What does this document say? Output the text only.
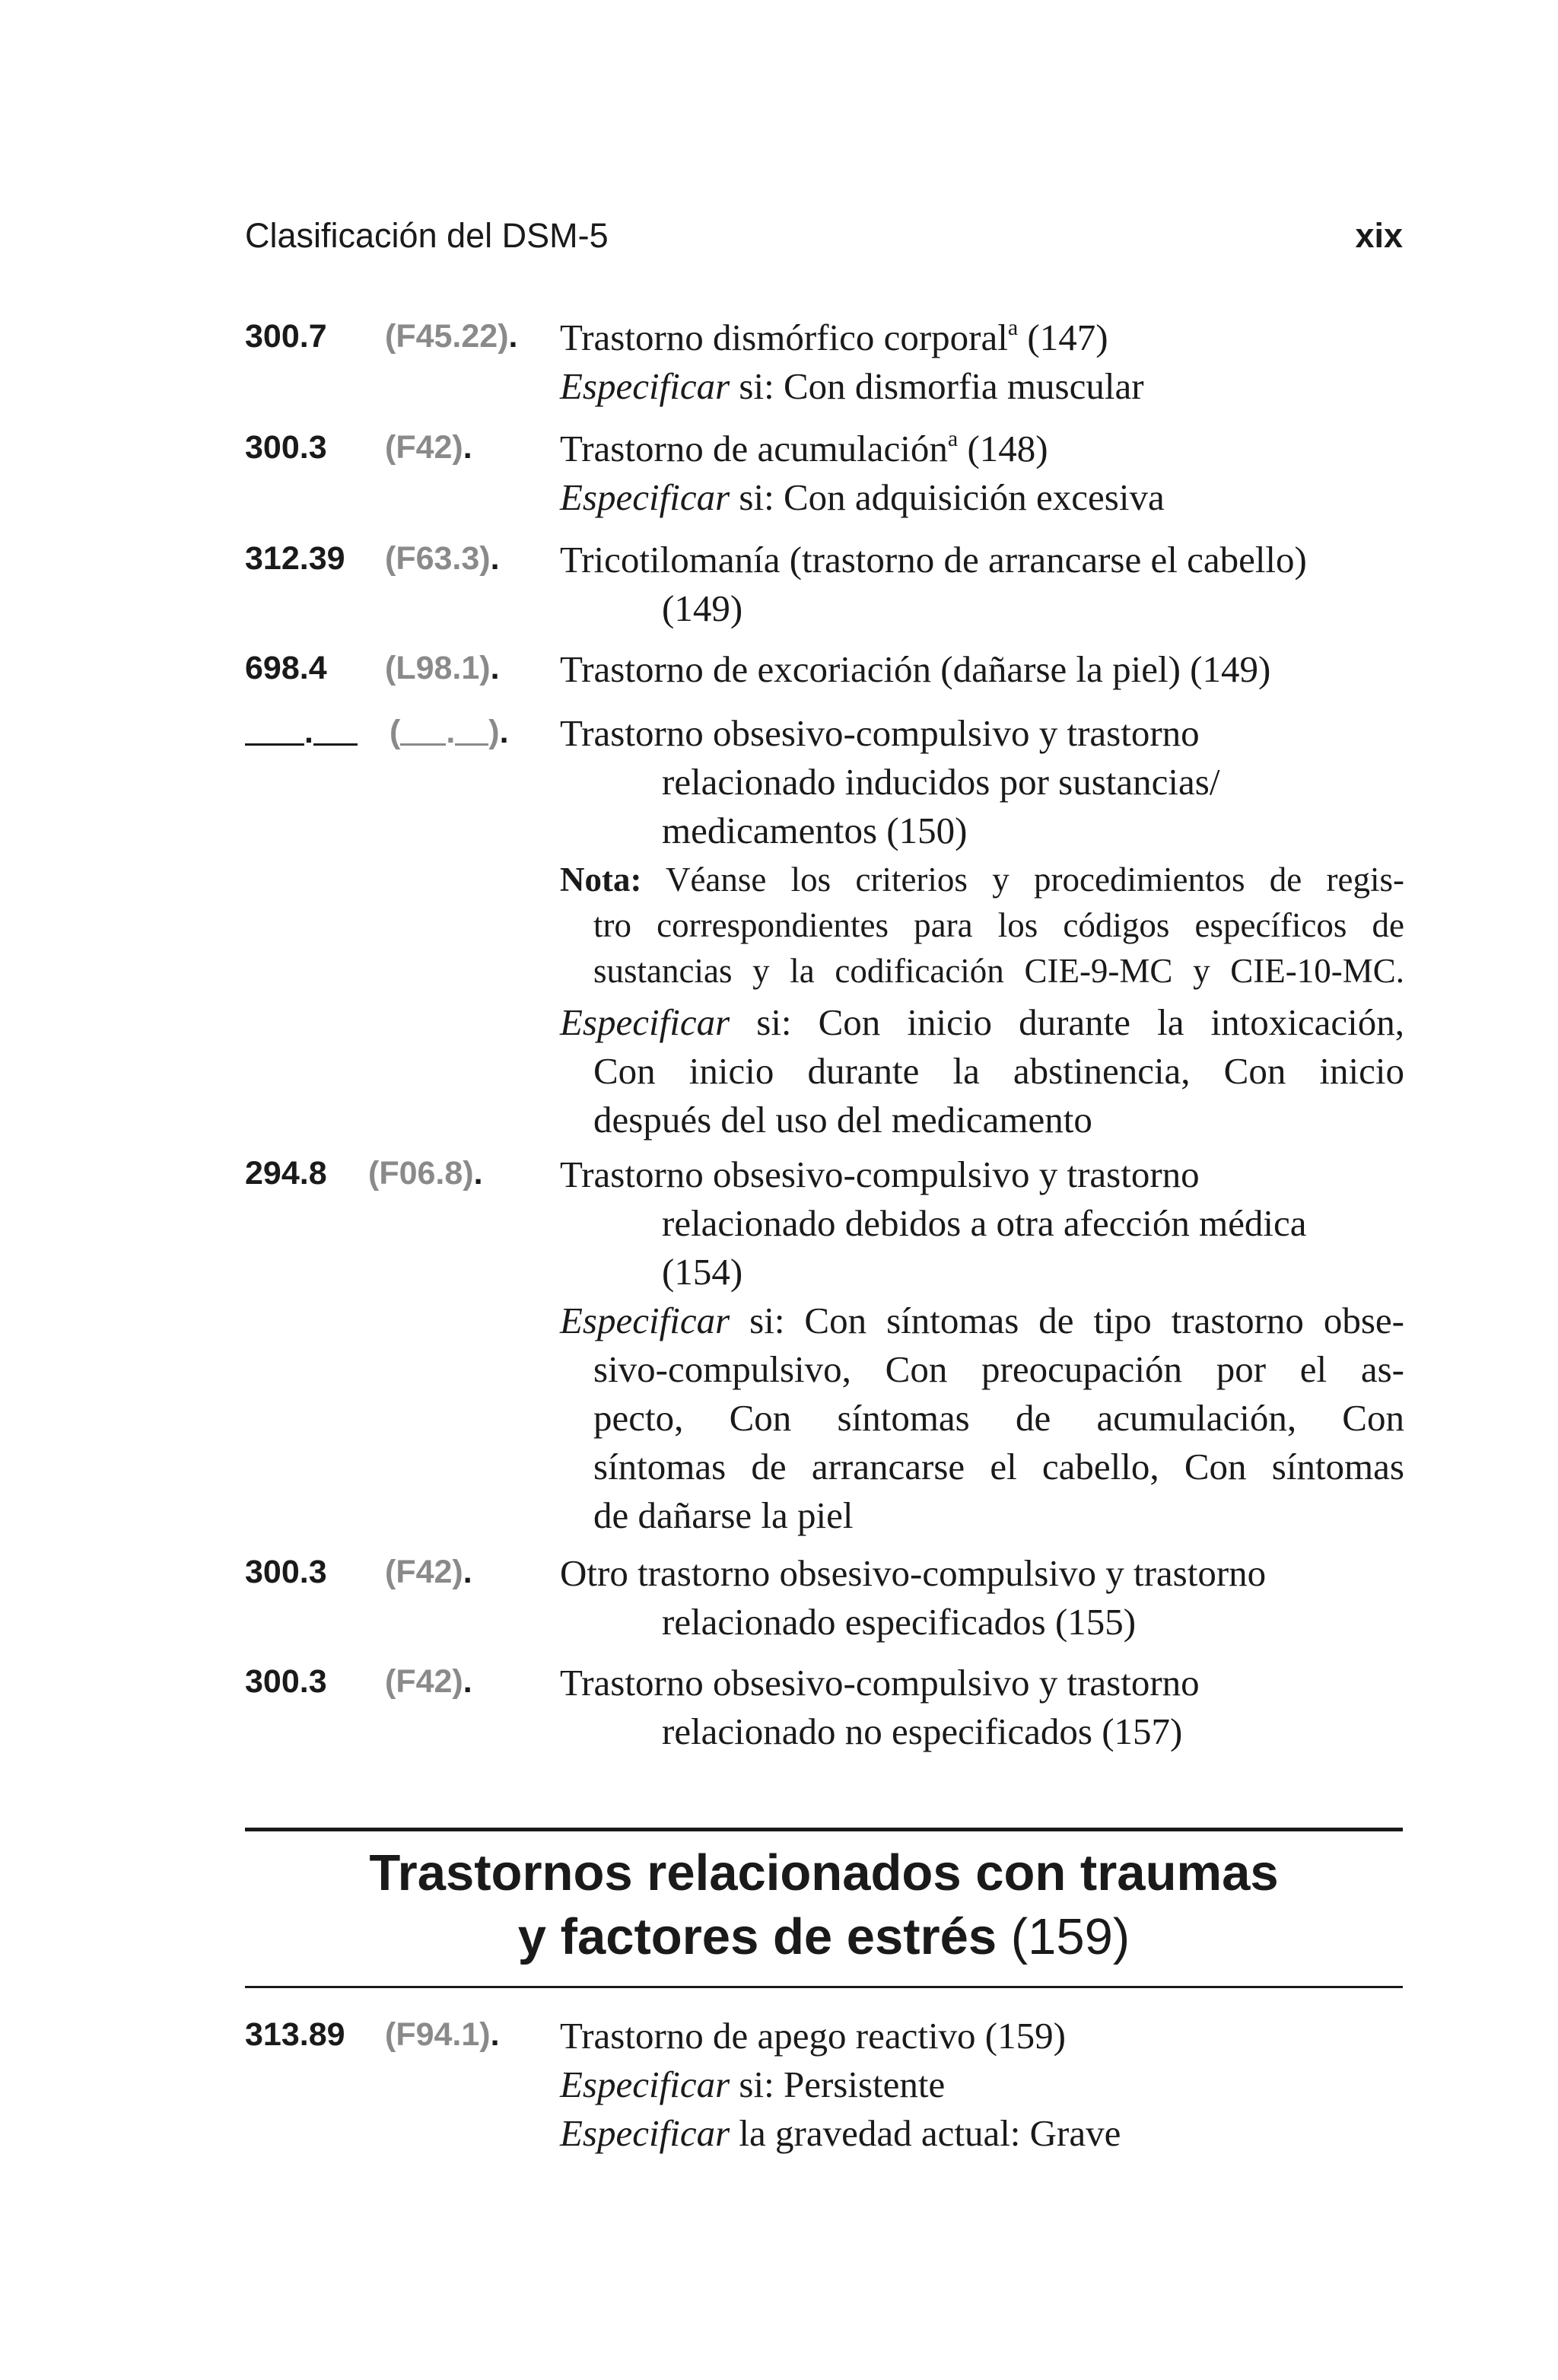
Clasificación del DSM-5	xix
300.7 (F45.22). Trastorno dismórfico corporal$^a$ (147)
Especificar si: Con dismorfia muscular
300.3 (F42). Trastorno de acumulación$^a$ (148)
Especificar si: Con adquisición excesiva
312.39 (F63.3). Tricotilomanía (trastorno de arrancarse el cabello)
(149)
698.4 (L98.1). Trastorno de excoriación (dañarse la piel) (149)
.	( . ). Trastorno obsesivo-compulsivo y trastorno
relacionado inducidos por sustancias/
medicamentos (150)
Nota: Véanse los criterios y procedimientos de regis-
tro correspondientes para los códigos específicos de
sustancias y la codificación CIE-9-MC y CIE-10-MC.
Especificar si: Con inicio durante la intoxicación,
Con inicio durante la abstinencia, Con inicio
después del uso del medicamento
294.8 (F06.8). Trastorno obsesivo-compulsivo y trastorno
relacionado debidos a otra afección médica
(154)
Especificar si: Con síntomas de tipo trastorno obse-
sivo-compulsivo, Con preocupación por el as-
pecto, Con síntomas de acumulación, Con
síntomas de arrancarse el cabello, Con síntomas
de dañarse la piel
300.3 (F42). Otro trastorno obsesivo-compulsivo y trastorno
relacionado especificados (155)
300.3 (F42). Trastorno obsesivo-compulsivo y trastorno
relacionado no especificados (157)
Trastornos relacionados con traumas
y factores de estrés (159)
313.89 (F94.1). Trastorno de apego reactivo (159)
Especificar si: Persistente
Especificar la gravedad actual: Grave
